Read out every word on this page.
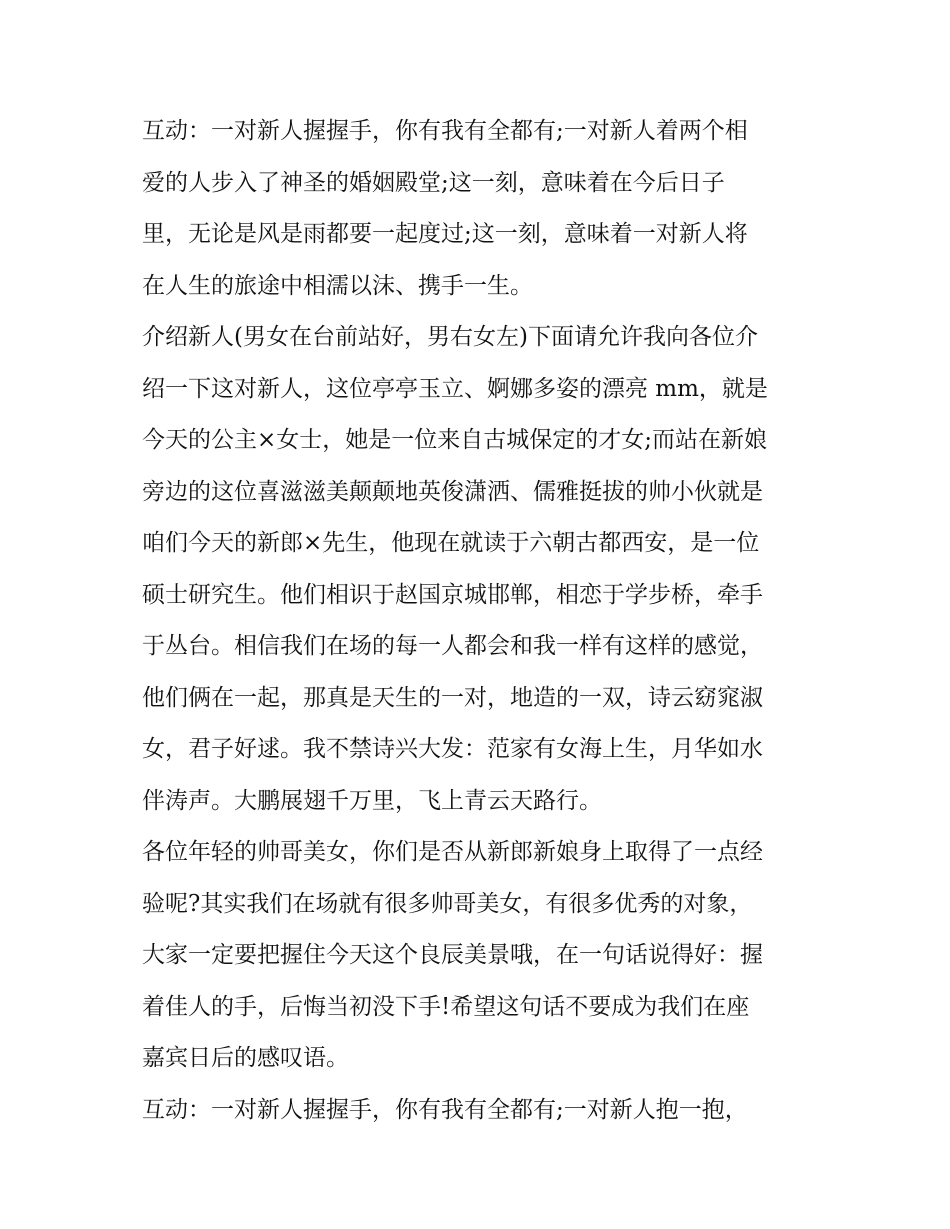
互动：一对新人握握手，你有我有全都有;一对新人着两个相
爱的人步入了神圣的婚姻殿堂;这一刻，意味着在今后日子
里，无论是风是雨都要一起度过;这一刻，意味着一对新人将
在人生的旅途中相濡以沫、携手一生。

介绍新人(男女在台前站好，男右女左)下面请允许我向各位介
绍一下这对新人，这位亭亭玉立、婀娜多姿的漂亮 mm，就是
今天的公主×女士，她是一位来自古城保定的才女;而站在新娘
旁边的这位喜滋滋美颠颠地英俊潇洒、儒雅挺拔的帅小伙就是
咱们今天的新郎×先生，他现在就读于六朝古都西安，是一位
硕士研究生。他们相识于赵国京城邯郸，相恋于学步桥，牵手
于丛台。相信我们在场的每一人都会和我一样有这样的感觉，
他们俩在一起，那真是天生的一对，地造的一双，诗云窈窕淑
女，君子好逑。我不禁诗兴大发：范家有女海上生，月华如水
伴涛声。大鹏展翅千万里，飞上青云天路行。

各位年轻的帅哥美女，你们是否从新郎新娘身上取得了一点经
验呢?其实我们在场就有很多帅哥美女，有很多优秀的对象，
大家一定要把握住今天这个良辰美景哦，在一句话说得好：握
着佳人的手，后悔当初没下手!希望这句话不要成为我们在座
嘉宾日后的感叹语。

互动：一对新人握握手，你有我有全都有;一对新人抱一抱，
